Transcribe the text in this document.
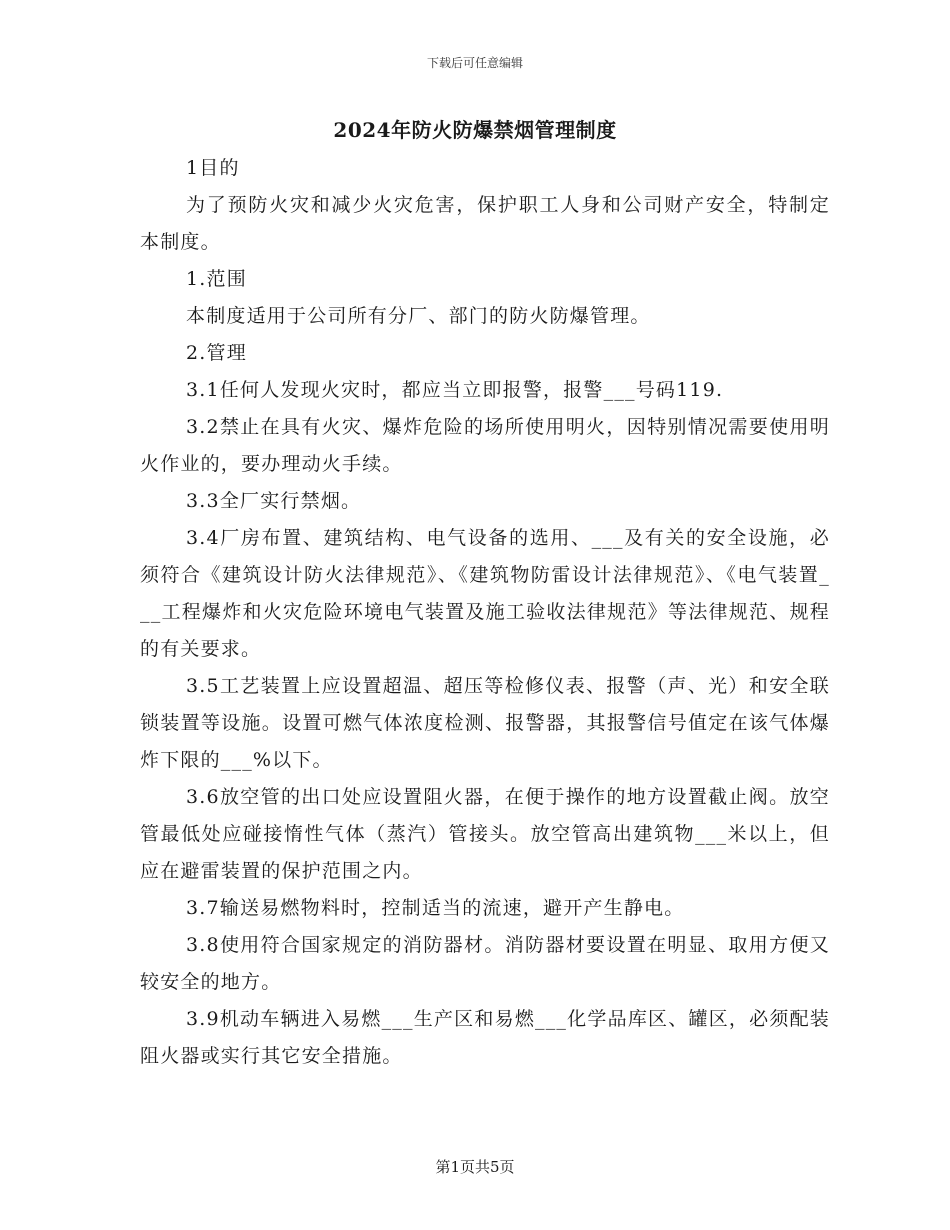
下载后可任意编辑
2024年防火防爆禁烟管理制度

1目的

为了预防火灾和减少火灾危害，保护职工人身和公司财产安全，特制定本制度。

1.范围

本制度适用于公司所有分厂、部门的防火防爆管理。

2.管理

3.1任何人发现火灾时，都应当立即报警，报警___号码119.

3.2禁止在具有火灾、爆炸危险的场所使用明火，因特别情况需要使用明火作业的，要办理动火手续。

3.3全厂实行禁烟。

3.4厂房布置、建筑结构、电气设备的选用、___及有关的安全设施，必须符合《建筑设计防火法律规范》、《建筑物防雷设计法律规范》、《电气装置___工程爆炸和火灾危险环境电气装置及施工验收法律规范》等法律规范、规程的有关要求。

3.5工艺装置上应设置超温、超压等检修仪表、报警（声、光）和安全联锁装置等设施。设置可燃气体浓度检测、报警器，其报警信号值定在该气体爆炸下限的___%以下。

3.6放空管的出口处应设置阻火器，在便于操作的地方设置截止阀。放空管最低处应碰接惰性气体（蒸汽）管接头。放空管高出建筑物___米以上，但应在避雷装置的保护范围之内。

3.7输送易燃物料时，控制适当的流速，避开产生静电。

3.8使用符合国家规定的消防器材。消防器材要设置在明显、取用方便又较安全的地方。

3.9机动车辆进入易燃___生产区和易燃___化学品库区、罐区，必须配装阻火器或实行其它安全措施。

第1页共5页
